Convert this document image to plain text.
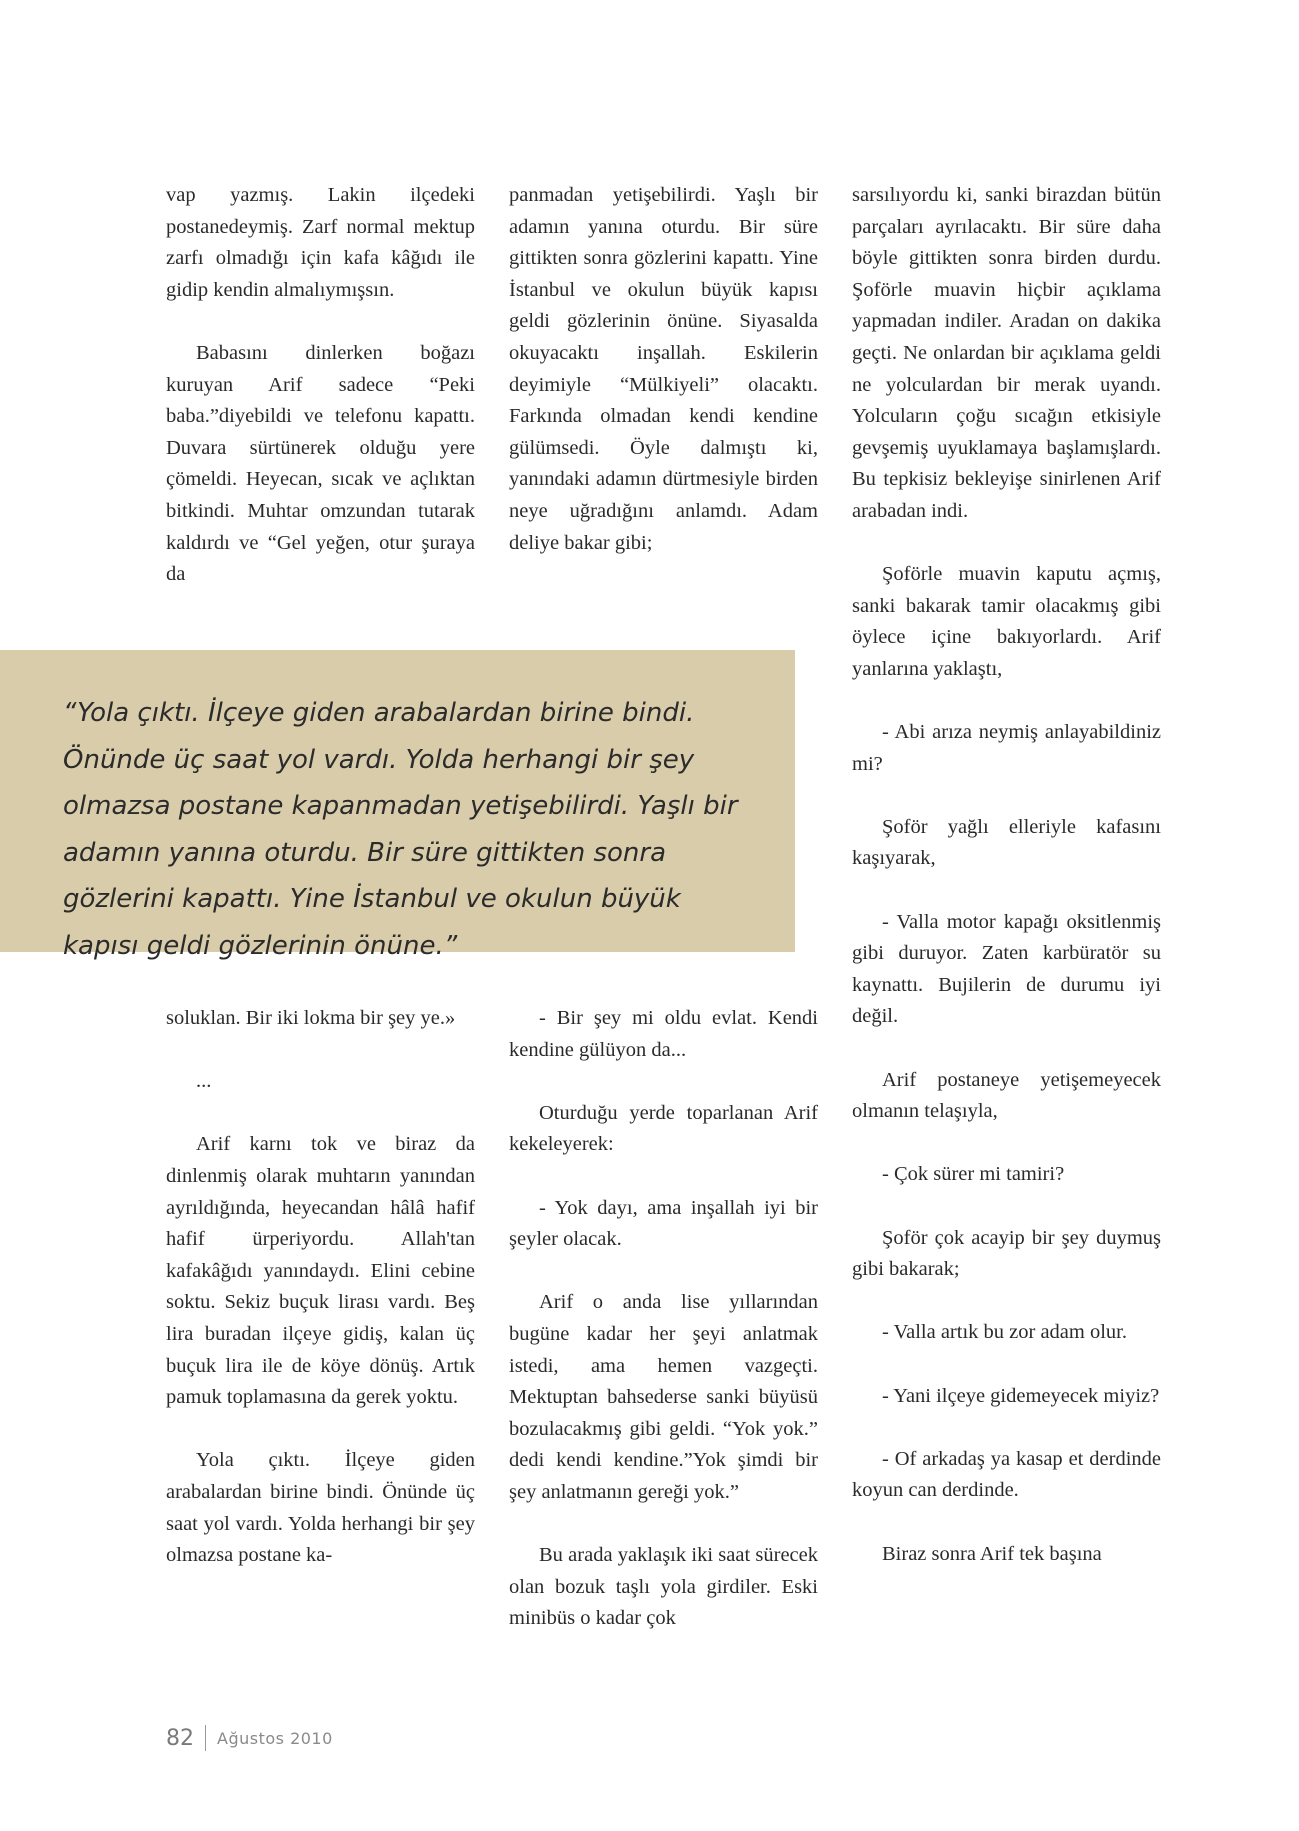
vap yazmış. Lakin ilçedeki postanedeymiş. Zarf normal mektup zarfı olmadığı için kafa kâğıdı ile gidip kendin almalıymışsın.

Babasını dinlerken boğazı kuruyan Arif sadece “Peki baba.”diyebildi ve telefonu kapattı. Duvara sürtünerek olduğu yere çömeldi. Heyecan, sıcak ve açlıktan bitkindi. Muhtar omzundan tutarak kaldırdı ve “Gel yeğen, otur şuraya da

panmadan yetişebilirdi. Yaşlı bir adamın yanına oturdu. Bir süre gittikten sonra gözlerini kapattı. Yine İstanbul ve okulun büyük kapısı geldi gözlerinin önüne. Siyasalda okuyacaktı inşallah. Eskilerin deyimiyle “Mülkiyeli” olacaktı. Farkında olmadan kendi kendine gülümsedi. Öyle dalmıştı ki, yanındaki adamın dürtmesiyle birden neye uğradığını anlamdı. Adam deliye bakar gibi;

sarsılıyordu ki, sanki birazdan bütün parçaları ayrılacaktı. Bir süre daha böyle gittikten sonra birden durdu. Şoförle muavin hiçbir açıklama yapmadan indiler. Aradan on dakika geçti. Ne onlardan bir açıklama geldi ne yolculardan bir merak uyandı. Yolcuların çoğu sıcağın etkisiyle gevşemiş uyuklamaya başlamışlardı. Bu tepkisiz bekleyişe sinirlenen Arif arabadan indi.

Şoförle muavin kaputu açmış, sanki bakarak tamir olacakmış gibi öylece içine bakıyorlardı. Arif yanlarına yaklaştı,

- Abi arıza neymiş anlayabildiniz mi?

Şoför yağlı elleriyle kafasını kaşıyarak,

- Valla motor kapağı oksitlenmiş gibi duruyor. Zaten karbüratör su kaynattı. Bujilerin de durumu iyi değil.

Arif postaneye yetişemeyecek olmanın telaşıyla,

- Çok sürer mi tamiri?

Şoför çok acayip bir şey duymuş gibi bakarak;

- Valla artık bu zor adam olur.

- Yani ilçeye gidemeyecek miyiz?

- Of arkadaş ya kasap et derdinde koyun can derdinde.

Biraz sonra Arif tek başına

“Yola çıktı. İlçeye giden arabalardan birine bindi. Önünde üç saat yol vardı. Yolda herhangi bir şey olmazsa postane kapanmadan yetişebilirdi. Yaşlı bir adamın yanına oturdu. Bir süre gittikten sonra gözlerini kapattı. Yine İstanbul ve okulun büyük kapısı geldi gözlerinin önüne.”

soluklan. Bir iki lokma bir şey ye.»

...

Arif karnı tok ve biraz da dinlenmiş olarak muhtarın yanından ayrıldığında, heyecandan hâlâ hafif hafif ürperiyordu. Allah'tan kafakâğıdı yanındaydı. Elini cebine soktu. Sekiz buçuk lirası vardı. Beş lira buradan ilçeye gidiş, kalan üç buçuk lira ile de köye dönüş. Artık pamuk toplamasına da gerek yoktu.

Yola çıktı. İlçeye giden arabalardan birine bindi. Önünde üç saat yol vardı. Yolda herhangi bir şey olmazsa postane ka-

- Bir şey mi oldu evlat. Kendi kendine gülüyon da...

Oturduğu yerde toparlanan Arif kekeleyerek:

- Yok dayı, ama inşallah iyi bir şeyler olacak.

Arif o anda lise yıllarından bugüne kadar her şeyi anlatmak istedi, ama hemen vazgeçti. Mektuptan bahsederse sanki büyüsü bozulacakmış gibi geldi. “Yok yok.” dedi kendi kendine.”Yok şimdi bir şey anlatmanın gereği yok.”

Bu arada yaklaşık iki saat sürecek olan bozuk taşlı yola girdiler. Eski minibüs o kadar çok

82 Ağustos 2010
